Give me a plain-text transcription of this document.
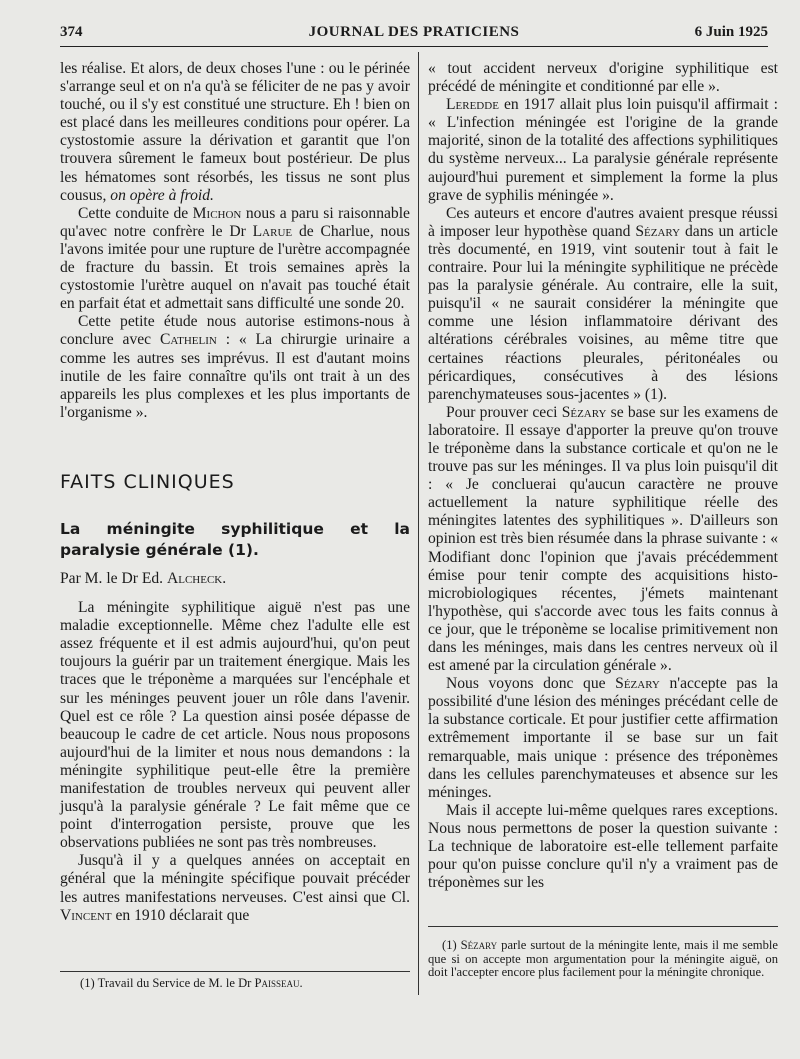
374	JOURNAL DES PRATICIENS	6 Juin 1925

les réalise. Et alors, de deux choses l'une : ou le périnée s'arrange seul et on n'a qu'à se féliciter de ne pas y avoir touché, ou il s'y est constitué une structure. Eh ! bien on est placé dans les meilleures conditions pour opérer. La cystostomie assure la dérivation et garantit que l'on trouvera sûrement le fameux bout postérieur. De plus les hématomes sont résorbés, les tissus ne sont plus cousus, on opère à froid.

Cette conduite de Michon nous a paru si raisonnable qu'avec notre confrère le Dr Larue de Charlue, nous l'avons imitée pour une rupture de l'urètre accompagnée de fracture du bassin. Et trois semaines après la cystostomie l'urètre auquel on n'avait pas touché était en parfait état et admettait sans difficulté une sonde 20.

Cette petite étude nous autorise estimons-nous à conclure avec Cathelin : « La chirurgie urinaire a comme les autres ses imprévus. Il est d'autant moins inutile de les faire connaître qu'ils ont trait à un des appareils les plus complexes et les plus importants de l'organisme ».

FAITS CLINIQUES

La méningite syphilitique et la paralysie générale (1).

Par M. le Dr Ed. Alcheck.

La méningite syphilitique aiguë n'est pas une maladie exceptionnelle. Même chez l'adulte elle est assez fréquente et il est admis aujourd'hui, qu'on peut toujours la guérir par un traitement énergique. Mais les traces que le tréponème a marquées sur l'encéphale et sur les méninges peuvent jouer un rôle dans l'avenir. Quel est ce rôle ? La question ainsi posée dépasse de beaucoup le cadre de cet article. Nous nous proposons aujourd'hui de la limiter et nous nous demandons : la méningite syphilitique peut-elle être la première manifestation de troubles nerveux qui peuvent aller jusqu'à la paralysie générale ? Le fait même que ce point d'interrogation persiste, prouve que les observations publiées ne sont pas très nombreuses.

Jusqu'à il y a quelques années on acceptait en général que la méningite spécifique pouvait précéder les autres manifestations nerveuses. C'est ainsi que Cl. Vincent en 1910 déclarait que

« tout accident nerveux d'origine syphilitique est précédé de méningite et conditionné par elle ».

Leredde en 1917 allait plus loin puisqu'il affirmait : « L'infection méningée est l'origine de la grande majorité, sinon de la totalité des affections syphilitiques du système nerveux... La paralysie générale représente aujourd'hui purement et simplement la forme la plus grave de syphilis méningée ».

Ces auteurs et encore d'autres avaient presque réussi à imposer leur hypothèse quand Sézary dans un article très documenté, en 1919, vint soutenir tout à fait le contraire. Pour lui la méningite syphilitique ne précède pas la paralysie générale. Au contraire, elle la suit, puisqu'il « ne saurait considérer la méningite que comme une lésion inflammatoire dérivant des altérations cérébrales voisines, au même titre que certaines réactions pleurales, péritonéales ou péricardiques, consécutives à des lésions parenchymateuses sous-jacentes » (1).

Pour prouver ceci Sézary se base sur les examens de laboratoire. Il essaye d'apporter la preuve qu'on trouve le tréponème dans la substance corticale et qu'on ne le trouve pas sur les méninges. Il va plus loin puisqu'il dit : « Je concluerai qu'aucun caractère ne prouve actuellement la nature syphilitique réelle des méningites latentes des syphilitiques ». D'ailleurs son opinion est très bien résumée dans la phrase suivante : « Modifiant donc l'opinion que j'avais précédemment émise pour tenir compte des acquisitions histo-microbiologiques récentes, j'émets maintenant l'hypothèse, qui s'accorde avec tous les faits connus à ce jour, que le tréponème se localise primitivement non dans les méninges, mais dans les centres nerveux où il est amené par la circulation générale ».

Nous voyons donc que Sézary n'accepte pas la possibilité d'une lésion des méninges précédant celle de la substance corticale. Et pour justifier cette affirmation extrêmement importante il se base sur un fait remarquable, mais unique : présence des tréponèmes dans les cellules parenchymateuses et absence sur les méninges.

Mais il accepte lui-même quelques rares exceptions. Nous nous permettons de poser la question suivante : La technique de laboratoire est-elle tellement parfaite pour qu'on puisse conclure qu'il n'y a vraiment pas de tréponèmes sur les

(1) Sézary parle surtout de la méningite lente, mais il me semble que si on accepte mon argumentation pour la méningite aiguë, on doit l'accepter encore plus facilement pour la méningite chronique.
(1) Travail du Service de M. le Dr Paisseau.
